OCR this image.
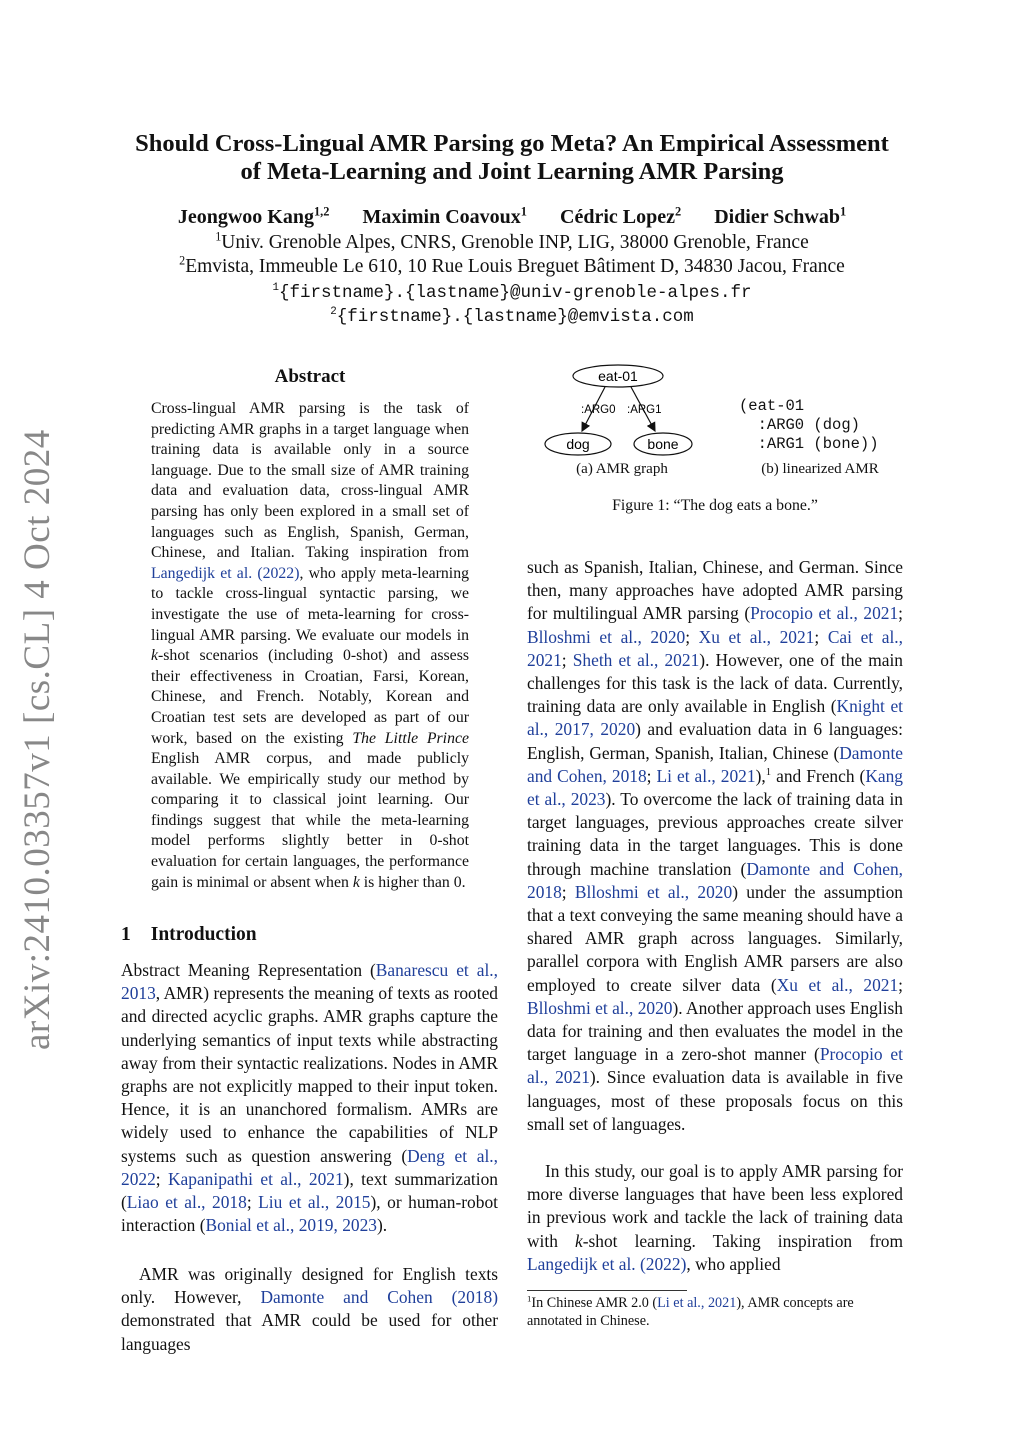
arXiv:2410.03357v1 [cs.CL] 4 Oct 2024
Should Cross-Lingual AMR Parsing go Meta? An Empirical Assessment
of Meta-Learning and Joint Learning AMR Parsing
Jeongwoo Kang$^{1,2}$ Maximin Coavoux$^1$ Cédric Lopez$^2$ Didier Schwab$^1$
$^1$Univ. Grenoble Alpes, CNRS, Grenoble INP, LIG, 38000 Grenoble, France
$^2$Emvista, Immeuble Le 610, 10 Rue Louis Breguet Bâtiment D, 34830 Jacou, France
$^1${firstname}.{lastname}@univ-grenoble-alpes.fr
$^2${firstname}.{lastname}@emvista.com
Abstract
Cross-lingual AMR parsing is the task of predicting AMR graphs in a target language when training data is available only in a source language. Due to the small size of AMR training data and evaluation data, cross-lingual AMR parsing has only been explored in a small set of languages such as English, Spanish, German, Chinese, and Italian. Taking inspiration from Langedijk et al. (2022), who apply meta-learning to tackle cross-lingual syntactic parsing, we investigate the use of meta-learning for cross-lingual AMR parsing. We evaluate our models in k-shot scenarios (including 0-shot) and assess their effectiveness in Croatian, Farsi, Korean, Chinese, and French. Notably, Korean and Croatian test sets are developed as part of our work, based on the existing The Little Prince English AMR corpus, and made publicly available. We empirically study our method by comparing it to classical joint learning. Our findings suggest that while the meta-learning model performs slightly better in 0-shot evaluation for certain languages, the performance gain is minimal or absent when k is higher than 0.
1 Introduction

Abstract Meaning Representation (Banarescu et al., 2013, AMR) represents the meaning of texts as rooted and directed acyclic graphs. AMR graphs capture the underlying semantics of input texts while abstracting away from their syntactic realizations. Nodes in AMR graphs are not explicitly mapped to their input token. Hence, it is an unanchored formalism. AMRs are widely used to enhance the capabilities of NLP systems such as question answering (Deng et al., 2022; Kapanipathi et al., 2021), text summarization (Liao et al., 2018; Liu et al., 2015), or human-robot interaction (Bonial et al., 2019, 2023).

AMR was originally designed for English texts only. However, Damonte and Cohen (2018) demonstrated that AMR could be used for other languages

eat-01
:ARG0 :ARG1
dog	bone
(eat-01
:ARG0 (dog)
:ARG1 (bone))
(a) AMR graph	(b) linearized AMR
Figure 1: “The dog eats a bone.”

such as Spanish, Italian, Chinese, and German. Since then, many approaches have adopted AMR parsing for multilingual AMR parsing (Procopio et al., 2021; Blloshmi et al., 2020; Xu et al., 2021; Cai et al., 2021; Sheth et al., 2021). However, one of the main challenges for this task is the lack of data. Currently, training data are only available in English (Knight et al., 2017, 2020) and evaluation data in 6 languages: English, German, Spanish, Italian, Chinese (Damonte and Cohen, 2018; Li et al., 2021),$^1$ and French (Kang et al., 2023). To overcome the lack of training data in target languages, previous approaches create silver training data in the target languages. This is done through machine translation (Damonte and Cohen, 2018; Blloshmi et al., 2020) under the assumption that a text conveying the same meaning should have a shared AMR graph across languages. Similarly, parallel corpora with English AMR parsers are also employed to create silver data (Xu et al., 2021; Blloshmi et al., 2020). Another approach uses English data for training and then evaluates the model in the target language in a zero-shot manner (Procopio et al., 2021). Since evaluation data is available in five languages, most of these proposals focus on this small set of languages.

In this study, our goal is to apply AMR parsing for more diverse languages that have been less explored in previous work and tackle the lack of training data with k-shot learning. Taking inspiration from Langedijk et al. (2022), who applied

$^1$In Chinese AMR 2.0 (Li et al., 2021), AMR concepts are annotated in Chinese.
